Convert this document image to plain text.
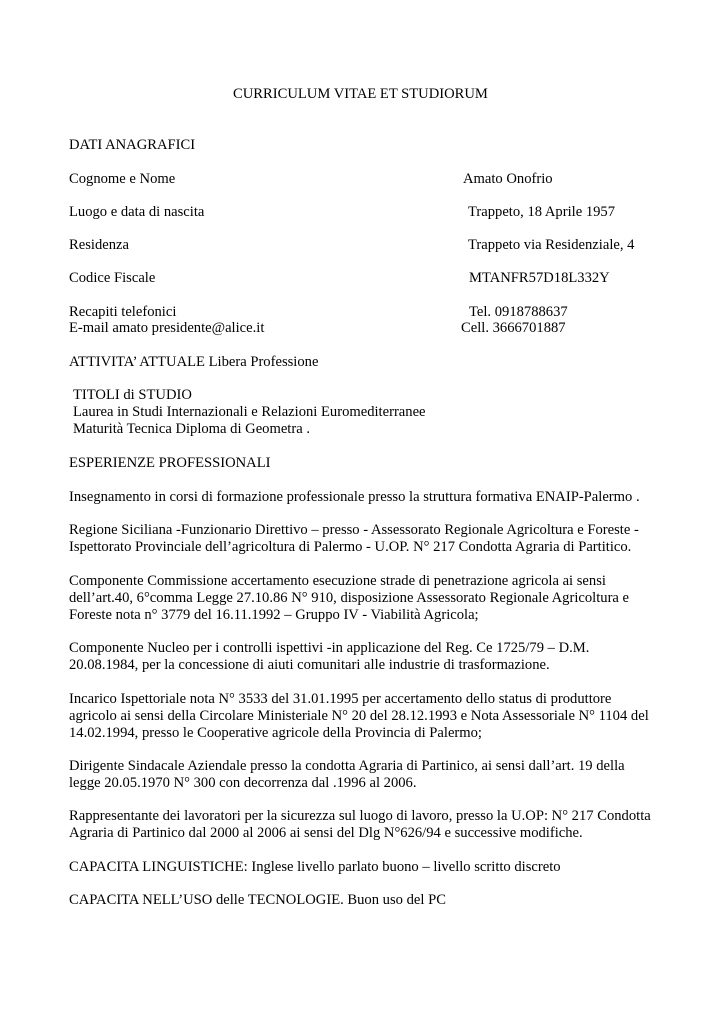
CURRICULUM VITAE ET STUDIORUM
DATI ANAGRAFICI
Cognome e Nome	Amato Onofrio
Luogo e data di nascita	Trappeto, 18 Aprile 1957
Residenza	Trappeto via Residenziale, 4
Codice Fiscale	MTANFR57D18L332Y
Recapiti telefonici	Tel. 0918788637
E-mail amato presidente@alice.it	Cell. 3666701887
ATTIVITA’ ATTUALE Libera Professione
TITOLI di STUDIO
Laurea in Studi Internazionali e Relazioni Euromediterranee
Maturità Tecnica Diploma di Geometra .
ESPERIENZE PROFESSIONALI
Insegnamento in corsi di formazione professionale presso la struttura formativa ENAIP-Palermo .
Regione Siciliana -Funzionario Direttivo – presso - Assessorato Regionale Agricoltura e Foreste -
Ispettorato Provinciale dell’agricoltura di Palermo - U.OP. N° 217 Condotta Agraria di Partitico.
Componente Commissione accertamento esecuzione strade di penetrazione agricola ai sensi
dell’art.40, 6°comma Legge 27.10.86 N° 910, disposizione Assessorato Regionale Agricoltura e
Foreste nota n° 3779 del 16.11.1992 – Gruppo IV - Viabilità Agricola;
Componente Nucleo per i controlli ispettivi -in applicazione del Reg. Ce 1725/79 – D.M.
20.08.1984, per la concessione di aiuti comunitari alle industrie di trasformazione.
Incarico Ispettoriale nota N° 3533 del 31.01.1995 per accertamento dello status di produttore
agricolo ai sensi della Circolare Ministeriale N° 20 del 28.12.1993 e Nota Assessoriale N° 1104 del
14.02.1994, presso le Cooperative agricole della Provincia di Palermo;
Dirigente Sindacale Aziendale presso la condotta Agraria di Partinico, ai sensi dall’art. 19 della
legge 20.05.1970 N° 300 con decorrenza dal .1996 al 2006.
Rappresentante dei lavoratori per la sicurezza sul luogo di lavoro, presso la U.OP: N° 217 Condotta
Agraria di Partinico dal 2000 al 2006 ai sensi del Dlg N°626/94 e successive modifiche.
CAPACITA LINGUISTICHE: Inglese livello parlato buono – livello scritto discreto
CAPACITA NELL’USO delle TECNOLOGIE. Buon uso del PC
